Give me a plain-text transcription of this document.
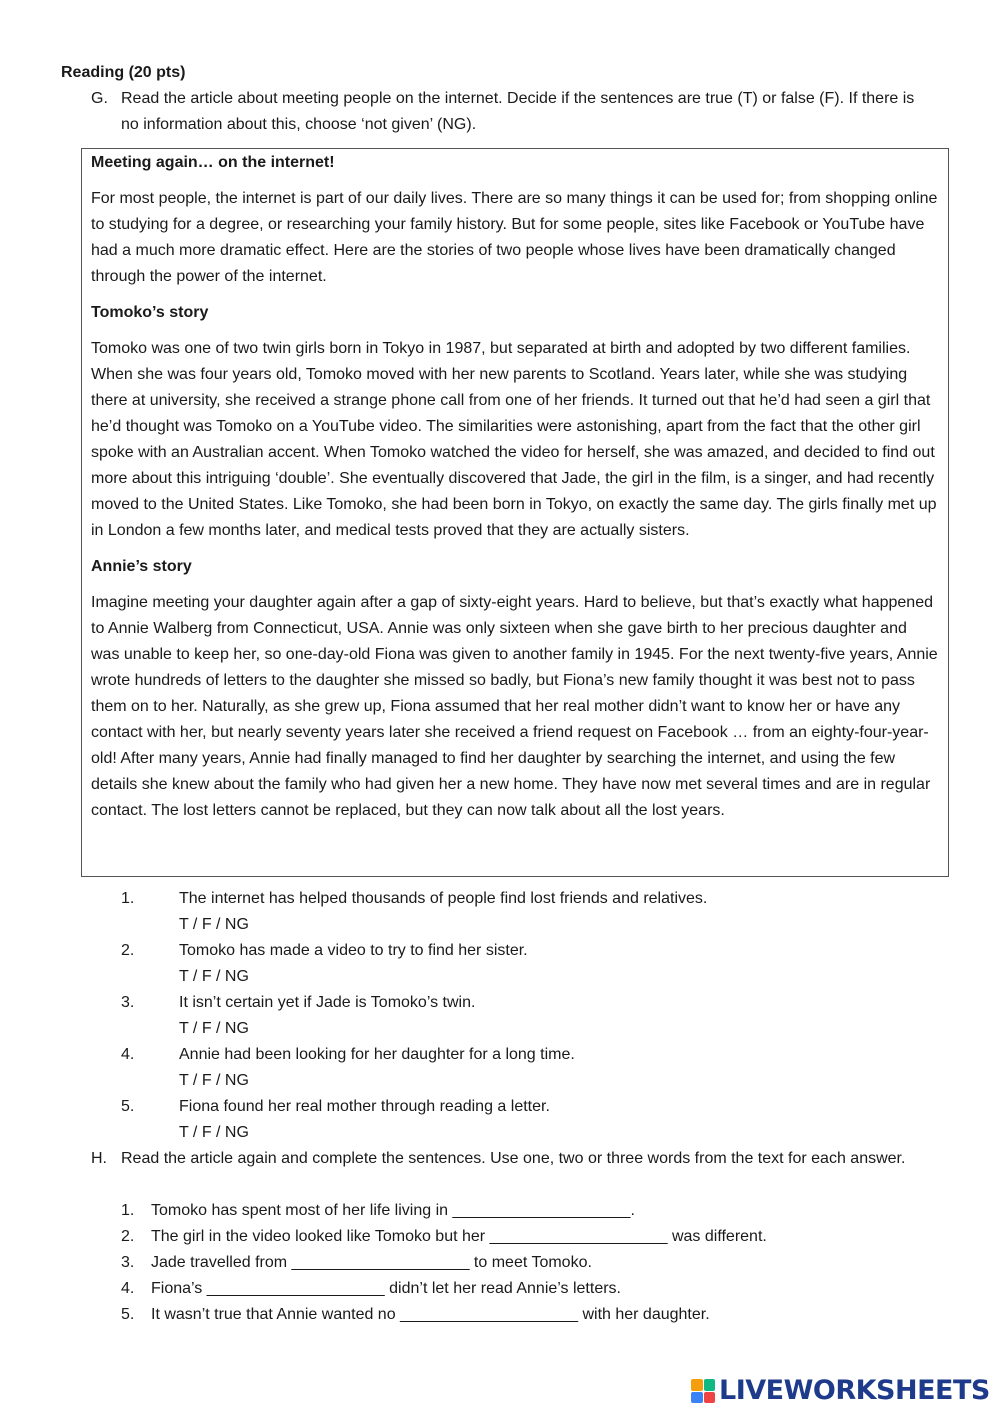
Reading (20 pts)
G. Read the article about meeting people on the internet. Decide if the sentences are true (T) or false (F). If there is no information about this, choose ‘not given’ (NG).

Meeting again… on the internet!

For most people, the internet is part of our daily lives. There are so many things it can be used for; from shopping online to studying for a degree, or researching your family history. But for some people, sites like Facebook or YouTube have had a much more dramatic effect. Here are the stories of two people whose lives have been dramatically changed through the power of the internet.

Tomoko’s story

Tomoko was one of two twin girls born in Tokyo in 1987, but separated at birth and adopted by two different families. When she was four years old, Tomoko moved with her new parents to Scotland. Years later, while she was studying there at university, she received a strange phone call from one of her friends. It turned out that he’d had seen a girl that he’d thought was Tomoko on a YouTube video. The similarities were astonishing, apart from the fact that the other girl spoke with an Australian accent. When Tomoko watched the video for herself, she was amazed, and decided to find out more about this intriguing ‘double’. She eventually discovered that Jade, the girl in the film, is a singer, and had recently moved to the United States. Like Tomoko, she had been born in Tokyo, on exactly the same day. The girls finally met up in London a few months later, and medical tests proved that they are actually sisters.

Annie’s story

Imagine meeting your daughter again after a gap of sixty-eight years. Hard to believe, but that’s exactly what happened to Annie Walberg from Connecticut, USA. Annie was only sixteen when she gave birth to her precious daughter and was unable to keep her, so one-day-old Fiona was given to another family in 1945. For the next twenty-five years, Annie wrote hundreds of letters to the daughter she missed so badly, but Fiona’s new family thought it was best not to pass them on to her. Naturally, as she grew up, Fiona assumed that her real mother didn’t want to know her or have any contact with her, but nearly seventy years later she received a friend request on Facebook … from an eighty-four-year-old! After many years, Annie had finally managed to find her daughter by searching the internet, and using the few details she knew about the family who had given her a new home. They have now met several times and are in regular contact. The lost letters cannot be replaced, but they can now talk about all the lost years.

1.	The internet has helped thousands of people find lost friends and relatives.
T / F / NG
2.	Tomoko has made a video to try to find her sister.
T / F / NG
3.	It isn’t certain yet if Jade is Tomoko’s twin.
T / F / NG
4.	Annie had been looking for her daughter for a long time.
T / F / NG
5.	Fiona found her real mother through reading a letter.
T / F / NG
H. Read the article again and complete the sentences. Use one, two or three words from the text for each answer.
1.	Tomoko has spent most of her life living in ____________________.
2.	The girl in the video looked like Tomoko but her ____________________ was different.
3.	Jade travelled from ____________________ to meet Tomoko.
4.	Fiona’s ____________________ didn’t let her read Annie’s letters.
5.	It wasn’t true that Annie wanted no ____________________ with her daughter.
LIVEWORKSHEETS
